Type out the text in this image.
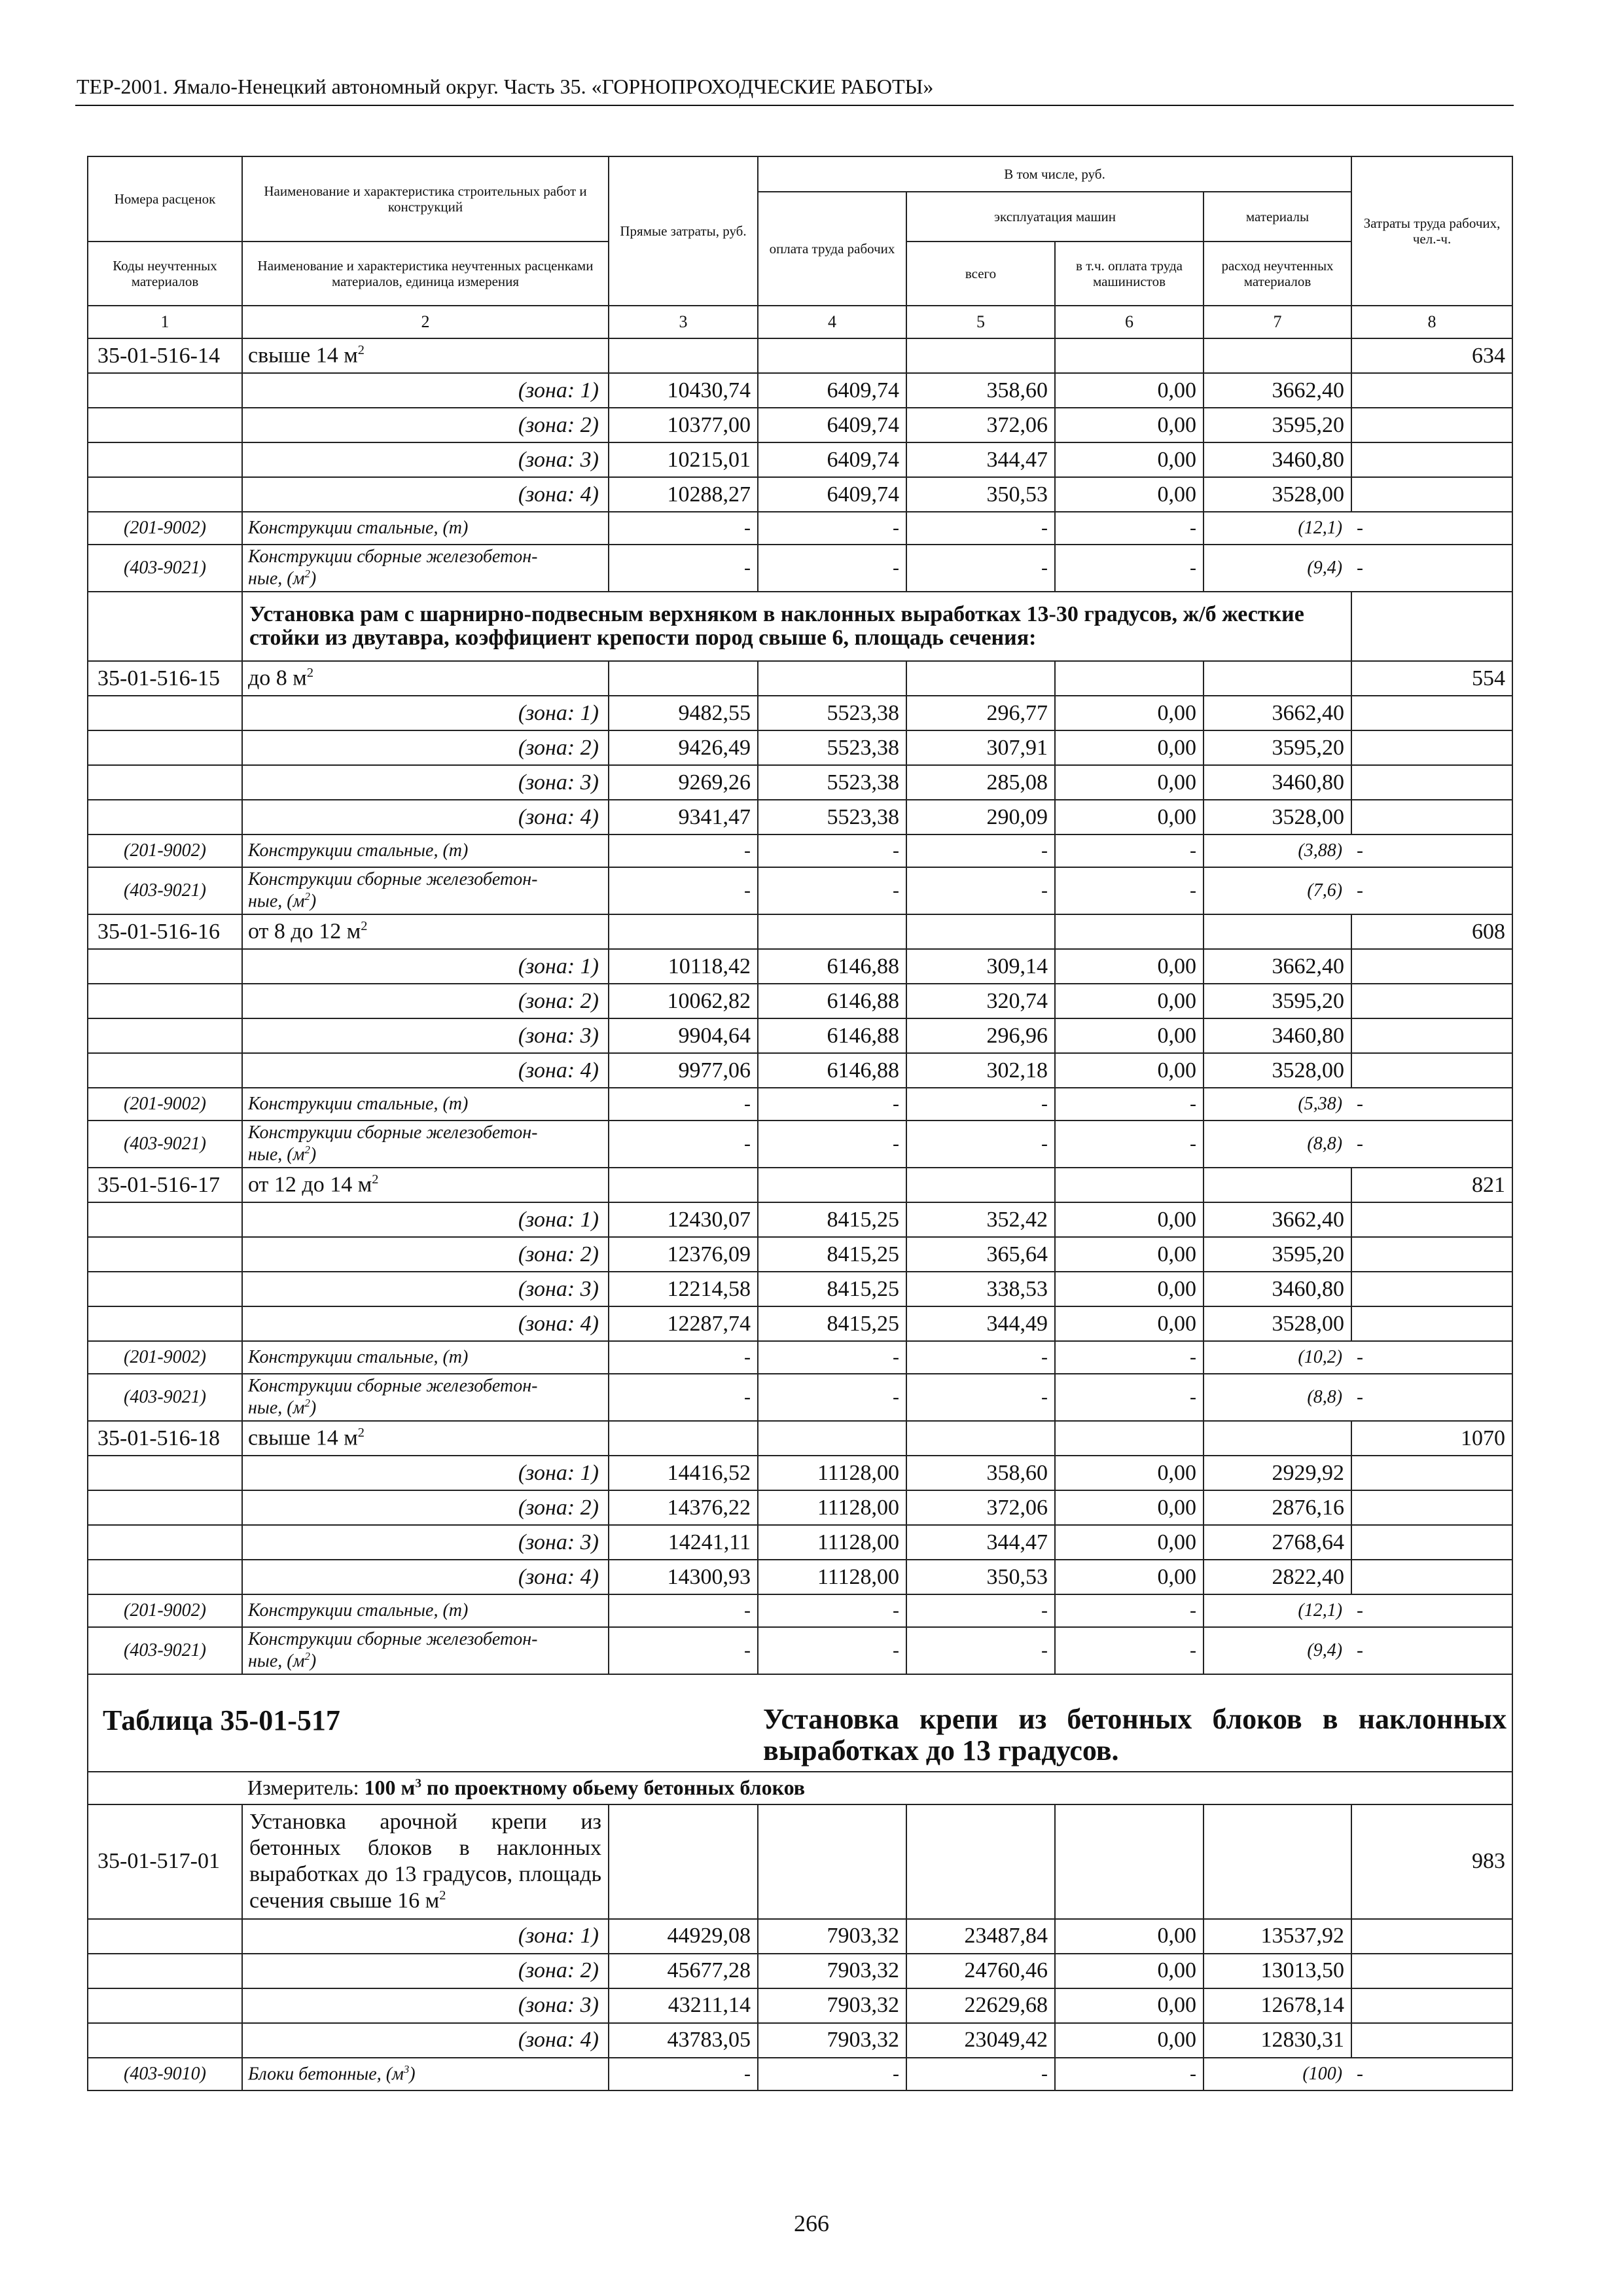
ТЕР-2001. Ямало-Ненецкий автономный округ. Часть 35. «ГОРНОПРОХОДЧЕСКИЕ РАБОТЫ»
Номера расценок	Наименование и характеристика строительных работ и конструкций	Прямые затраты, руб.	В том числе, руб.				Затраты труда рабочих, чел.-ч.
			оплата труда рабочих	эксплуатация машин		материалы	
Коды неучтенных материалов	Наименование и характеристика неучтенных расценками материалов, единица измерения			всего	в т.ч. оплата труда машинистов	расход неучтенных материалов	
1	2	3	4	5	6	7	8
35-01-516-14	свыше 14 $м^2$						634
	(зона: 1)	10430,74	6409,74	358,60	0,00	3662,40	
	(зона: 2)	10377,00	6409,74	372,06	0,00	3595,20	
	(зона: 3)	10215,01	6409,74	344,47	0,00	3460,80	
	(зона: 4)	10288,27	6409,74	350,53	0,00	3528,00	
(201-9002)	Конструкции стальные, (т)	-	-	-	-	(12,1)	-
(403-9021)	Конструкции сборные железобетон-
ные, $(м^2)$	-	-	-	-	(9,4)	-
	Установка рам с шарнирно-подвесным верхняком в наклонных выработках 13-30 градусов, ж/б жесткие стойки из двутавра, коэффициент крепости пород свыше 6, площадь сечения:						
35-01-516-15	до 8 $м^2$						554
	(зона: 1)	9482,55	5523,38	296,77	0,00	3662,40	
	(зона: 2)	9426,49	5523,38	307,91	0,00	3595,20	
	(зона: 3)	9269,26	5523,38	285,08	0,00	3460,80	
	(зона: 4)	9341,47	5523,38	290,09	0,00	3528,00	
(201-9002)	Конструкции стальные, (т)	-	-	-	-	(3,88)	-
(403-9021)	Конструкции сборные железобетон-
ные, $(м^2)$	-	-	-	-	(7,6)	-
35-01-516-16	от 8 до 12 $м^2$						608
	(зона: 1)	10118,42	6146,88	309,14	0,00	3662,40	
	(зона: 2)	10062,82	6146,88	320,74	0,00	3595,20	
	(зона: 3)	9904,64	6146,88	296,96	0,00	3460,80	
	(зона: 4)	9977,06	6146,88	302,18	0,00	3528,00	
(201-9002)	Конструкции стальные, (т)	-	-	-	-	(5,38)	-
(403-9021)	Конструкции сборные железобетон-
ные, $(м^2)$	-	-	-	-	(8,8)	-
35-01-516-17	от 12 до 14 $м^2$						821
	(зона: 1)	12430,07	8415,25	352,42	0,00	3662,40	
	(зона: 2)	12376,09	8415,25	365,64	0,00	3595,20	
	(зона: 3)	12214,58	8415,25	338,53	0,00	3460,80	
	(зона: 4)	12287,74	8415,25	344,49	0,00	3528,00	
(201-9002)	Конструкции стальные, (т)	-	-	-	-	(10,2)	-
(403-9021)	Конструкции сборные железобетон-
ные, $(м^2)$	-	-	-	-	(8,8)	-
35-01-516-18	свыше 14 $м^2$						1070
	(зона: 1)	14416,52	11128,00	358,60	0,00	2929,92	
	(зона: 2)	14376,22	11128,00	372,06	0,00	2876,16	
	(зона: 3)	14241,11	11128,00	344,47	0,00	2768,64	
	(зона: 4)	14300,93	11128,00	350,53	0,00	2822,40	
(201-9002)	Конструкции стальные, (т)	-	-	-	-	(12,1)	-
(403-9021)	Конструкции сборные железобетон-
ные, $(м^2)$	-	-	-	-	(9,4)	-
Таблица 35-01-517			Установка крепи из бетонных блоков в наклонных выработках до 13 градусов.				
	Измеритель: 100 $м^3$ по проектному обьему бетонных блоков						
35-01-517-01	Установка арочной крепи из бетонных блоков в наклонных выработках до 13 градусов, площадь сечения свыше 16 $м^2$						983
	(зона: 1)	44929,08	7903,32	23487,84	0,00	13537,92	
	(зона: 2)	45677,28	7903,32	24760,46	0,00	13013,50	
	(зона: 3)	43211,14	7903,32	22629,68	0,00	12678,14	
	(зона: 4)	43783,05	7903,32	23049,42	0,00	12830,31	
(403-9010)	Блоки бетонные, $(м^3)$	-	-	-	-	(100)	-
266
